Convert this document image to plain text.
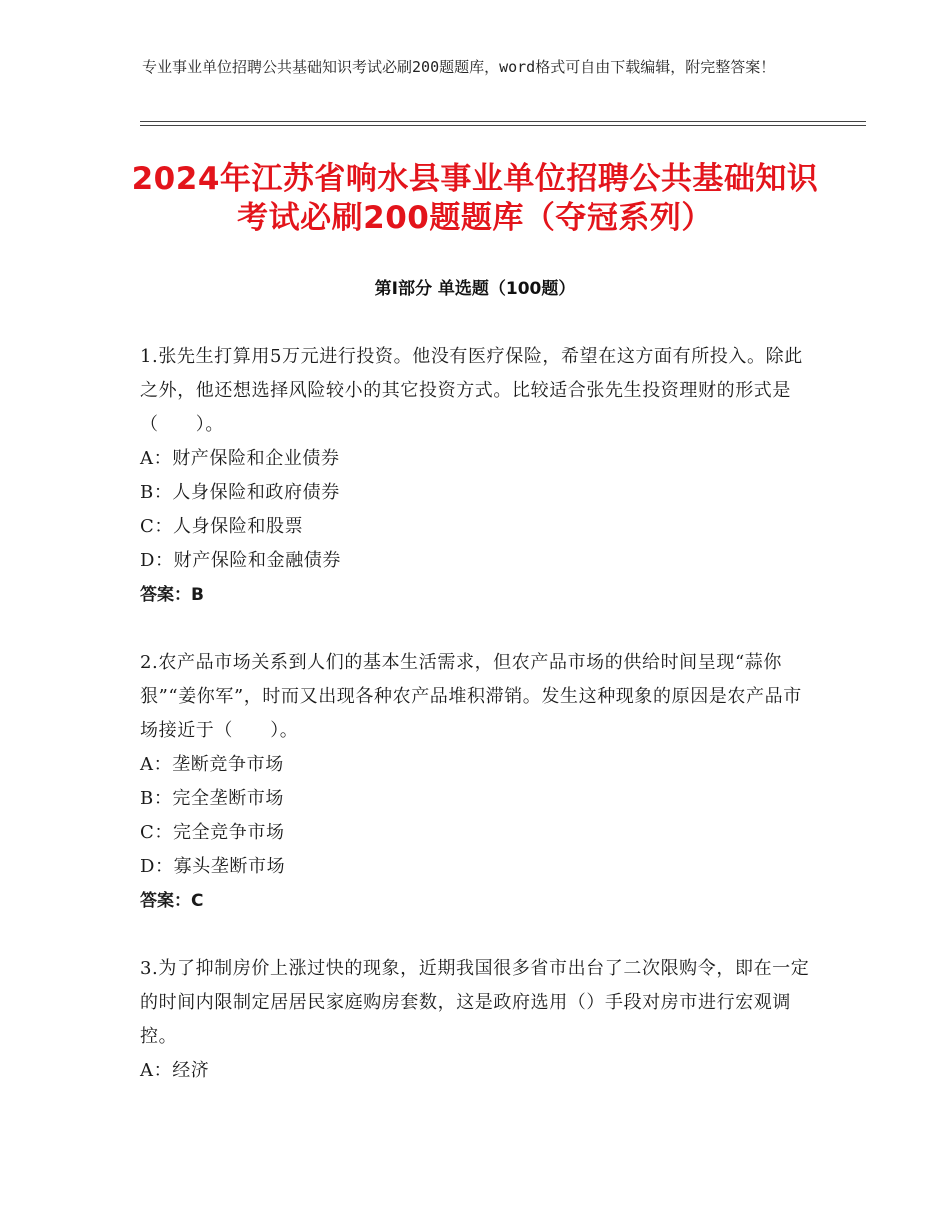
专业事业单位招聘公共基础知识考试必刷200题题库，word格式可自由下载编辑，附完整答案！
2024年江苏省响水县事业单位招聘公共基础知识考试必刷200题题库（夺冠系列）
第Ⅰ部分 单选题（100题）

1.张先生打算用5万元进行投资。他没有医疗保险，希望在这方面有所投入。除此之外，他还想选择风险较小的其它投资方式。比较适合张先生投资理财的形式是（　　）。

A：财产保险和企业债券

B：人身保险和政府债券

C：人身保险和股票

D：财产保险和金融债券

答案：B

2.农产品市场关系到人们的基本生活需求，但农产品市场的供给时间呈现“蒜你狠”“姜你军”，时而又出现各种农产品堆积滞销。发生这种现象的原因是农产品市场接近于（　　）。

A：垄断竞争市场

B：完全垄断市场

C：完全竞争市场

D：寡头垄断市场

答案：C

3.为了抑制房价上涨过快的现象，近期我国很多省市出台了二次限购令，即在一定的时间内限制定居居民家庭购房套数，这是政府选用（）手段对房市进行宏观调控。

A：经济
